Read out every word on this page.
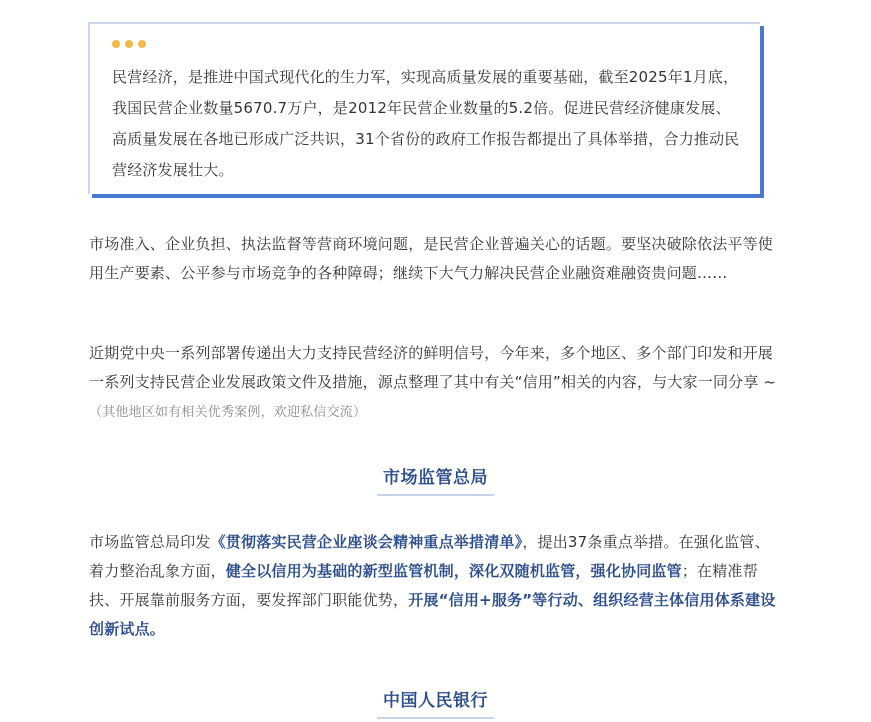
民营经济，是推进中国式现代化的生力军，实现高质量发展的重要基础，截至2025年1月底，我国民营企业数量5670.7万户，是2012年民营企业数量的5.2倍。促进民营经济健康发展、高质量发展在各地已形成广泛共识，31个省份的政府工作报告都提出了具体举措，合力推动民营经济发展壮大。
市场准入、企业负担、执法监督等营商环境问题，是民营企业普遍关心的话题。要坚决破除依法平等使用生产要素、公平参与市场竞争的各种障碍；继续下大气力解决民营企业融资难融资贵问题……
近期党中央一系列部署传递出大力支持民营经济的鲜明信号，今年来，多个地区、多个部门印发和开展一系列支持民营企业发展政策文件及措施，源点整理了其中有关“信用”相关的内容，与大家一同分享 ~ （其他地区如有相关优秀案例，欢迎私信交流）
市场监管总局
市场监管总局印发《贯彻落实民营企业座谈会精神重点举措清单》，提出37条重点举措。在强化监管、着力整治乱象方面，健全以信用为基础的新型监管机制，深化双随机监管，强化协同监管；在精准帮扶、开展靠前服务方面，要发挥部门职能优势，开展“信用+服务”等行动、组织经营主体信用体系建设创新试点。
中国人民银行
